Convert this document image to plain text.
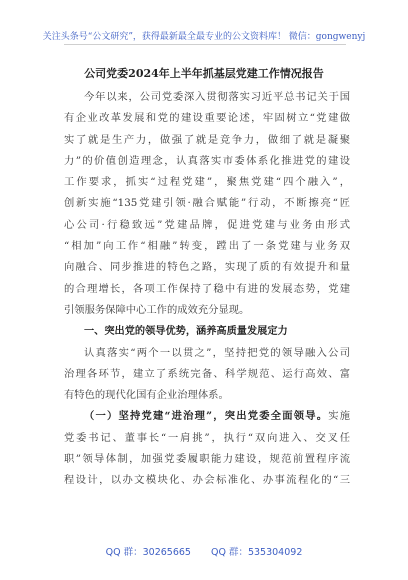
关注头条号“公文研究”，获得最新最全最专业的公文资料库！ 微信：gongwenyj
公司党委2024年上半年抓基层党建工作情况报告
今年以来，公司党委深入贯彻落实习近平总书记关于国
有企业改革发展和党的建设重要论述，牢固树立“党建做
实了就是生产力，做强了就是竞争力，做细了就是凝聚
力”的价值创造理念，认真落实市委体系化推进党的建设
工作要求，抓实“过程党建”，聚焦党建“四个融入”，
创新实施“135党建引领·融合赋能”行动，不断擦亮“匠
心公司·行稳致远”党建品牌，促进党建与业务由形式
“相加”向工作“相融”转变，蹚出了一条党建与业务双
向融合、同步推进的特色之路，实现了质的有效提升和量
的合理增长，各项工作保持了稳中有进的发展态势，党建
引领服务保障中心工作的成效充分显现。
一、突出党的领导优势，涵养高质量发展定力
认真落实“两个一以贯之”，坚持把党的领导融入公司
治理各环节，建立了系统完备、科学规范、运行高效、富
有特色的现代化国有企业治理体系。
（一）坚持党建“进治理”，突出党委全面领导。实施
党委书记、董事长“一肩挑”，执行“双向进入、交叉任
职”领导体制，加强党委履职能力建设，规范前置程序流
程设计，以办文模块化、办会标准化、办事流程化的“三
QQ 群：30265665 QQ 群：535304092
